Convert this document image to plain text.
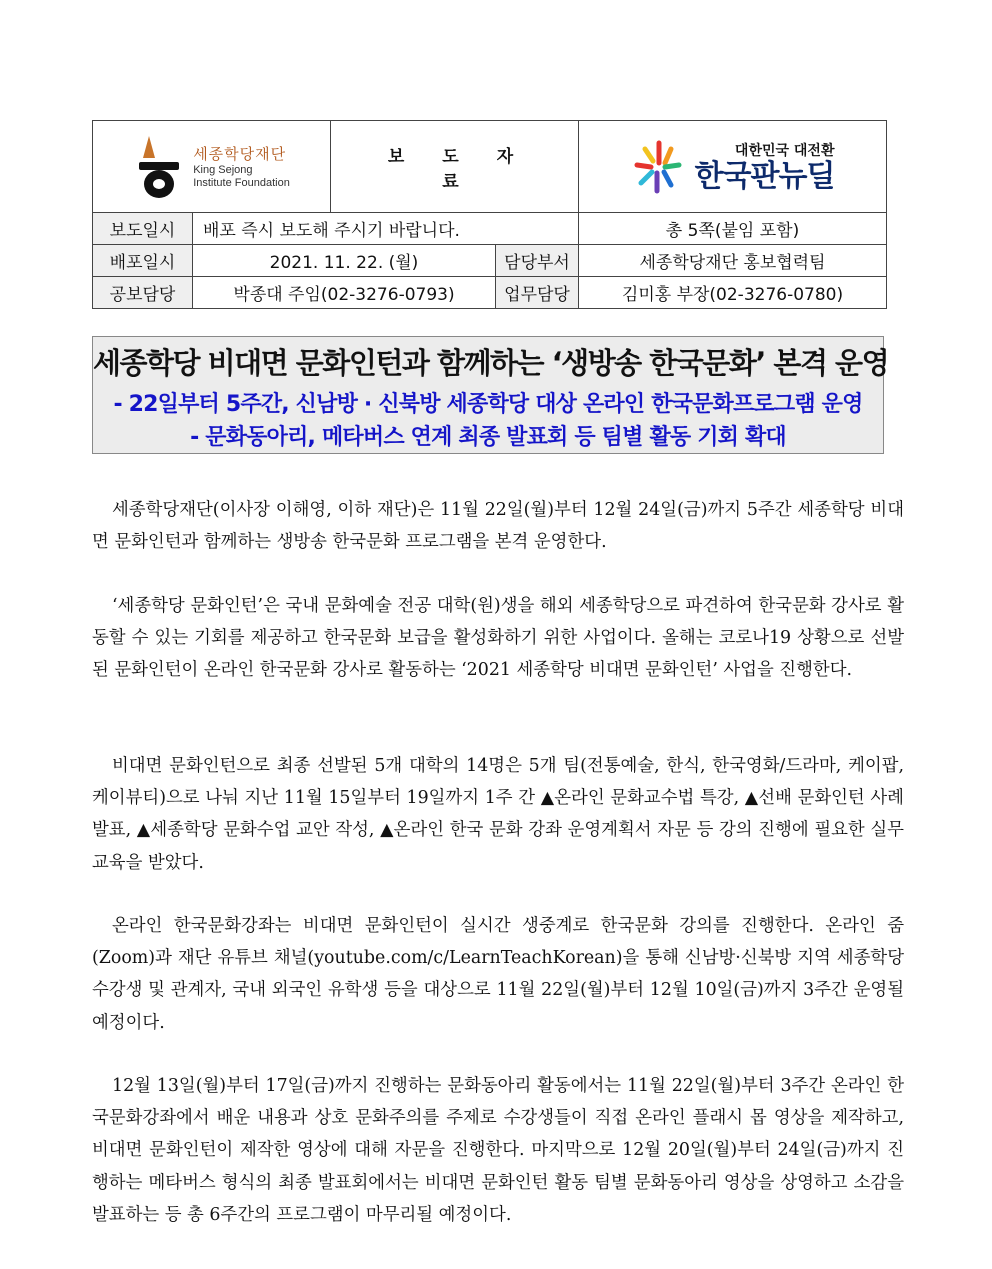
세종학당재단
King Sejong
Institute Foundation		보도자료		대한민국 대전환
한국판뉴딜

보도일시	배포 즉시 보도해 주시기 바랍니다.			총 5쪽(붙임 포함)
배포일시	2021. 11. 22. (월)		담당부서	세종학당재단 홍보협력팀
공보담당	박종대 주임(02-3276-0793)		업무담당	김미홍 부장(02-3276-0780)
세종학당 비대면 문화인턴과 함께하는 ‘생방송 한국문화’ 본격 운영
- 22일부터 5주간, 신남방 · 신북방 세종학당 대상 온라인 한국문화프로그램 운영
- 문화동아리, 메타버스 연계 최종 발표회 등 팀별 활동 기회 확대

세종학당재단(이사장 이해영, 이하 재단)은 11월 22일(월)부터 12월 24일(금)까지 5주간 세종학당 비대면 문화인턴과 함께하는 생방송 한국문화 프로그램을 본격 운영한다.

‘세종학당 문화인턴’은 국내 문화예술 전공 대학(원)생을 해외 세종학당으로 파견하여 한국문화 강사로 활동할 수 있는 기회를 제공하고 한국문화 보급을 활성화하기 위한 사업이다. 올해는 코로나19 상황으로 선발된 문화인턴이 온라인 한국문화 강사로 활동하는 ‘2021 세종학당 비대면 문화인턴’ 사업을 진행한다.

비대면 문화인턴으로 최종 선발된 5개 대학의 14명은 5개 팀(전통예술, 한식, 한국영화/드라마, 케이팝, 케이뷰티)으로 나눠 지난 11월 15일부터 19일까지 1주 간 ▲온라인 문화교수법 특강, ▲선배 문화인턴 사례발표, ▲세종학당 문화수업 교안 작성, ▲온라인 한국 문화 강좌 운영계획서 자문 등 강의 진행에 필요한 실무 교육을 받았다.

온라인 한국문화강좌는 비대면 문화인턴이 실시간 생중계로 한국문화 강의를 진행한다. 온라인 줌(Zoom)과 재단 유튜브 채널(youtube.com/c/LearnTeachKorean)을 통해 신남방·신북방 지역 세종학당 수강생 및 관계자, 국내 외국인 유학생 등을 대상으로 11월 22일(월)부터 12월 10일(금)까지 3주간 운영될 예정이다.

12월 13일(월)부터 17일(금)까지 진행하는 문화동아리 활동에서는 11월 22일(월)부터 3주간 온라인 한국문화강좌에서 배운 내용과 상호 문화주의를 주제로 수강생들이 직접 온라인 플래시 몹 영상을 제작하고, 비대면 문화인턴이 제작한 영상에 대해 자문을 진행한다. 마지막으로 12월 20일(월)부터 24일(금)까지 진행하는 메타버스 형식의 최종 발표회에서는 비대면 문화인턴 활동 팀별 문화동아리 영상을 상영하고 소감을 발표하는 등 총 6주간의 프로그램이 마무리될 예정이다.
